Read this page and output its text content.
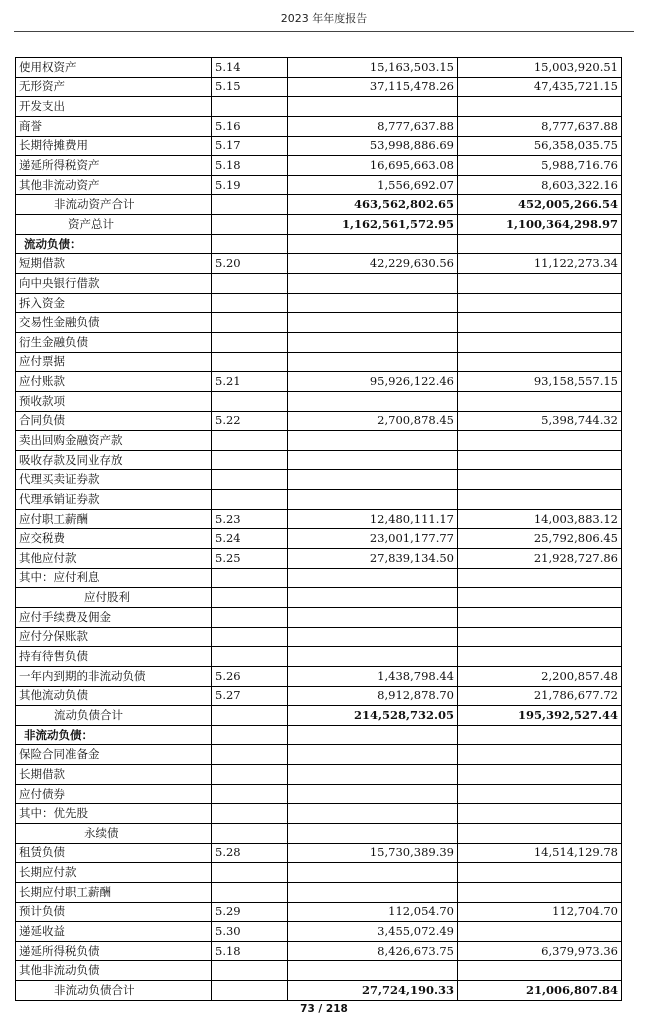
2023 年年度报告
使用权资产	5.14	15,163,503.15	15,003,920.51
无形资产	5.15	37,115,478.26	47,435,721.15
开发支出			
商誉	5.16	8,777,637.88	8,777,637.88
长期待摊费用	5.17	53,998,886.69	56,358,035.75
递延所得税资产	5.18	16,695,663.08	5,988,716.76
其他非流动资产	5.19	1,556,692.07	8,603,322.16
非流动资产合计		463,562,802.65	452,005,266.54
资产总计		1,162,561,572.95	1,100,364,298.97
流动负债：			
短期借款	5.20	42,229,630.56	11,122,273.34
向中央银行借款			
拆入资金			
交易性金融负债			
衍生金融负债			
应付票据			
应付账款	5.21	95,926,122.46	93,158,557.15
预收款项			
合同负债	5.22	2,700,878.45	5,398,744.32
卖出回购金融资产款			
吸收存款及同业存放			
代理买卖证券款			
代理承销证券款			
应付职工薪酬	5.23	12,480,111.17	14,003,883.12
应交税费	5.24	23,001,177.77	25,792,806.45
其他应付款	5.25	27,839,134.50	21,928,727.86
其中：应付利息			
应付股利			
应付手续费及佣金			
应付分保账款			
持有待售负债			
一年内到期的非流动负债	5.26	1,438,798.44	2,200,857.48
其他流动负债	5.27	8,912,878.70	21,786,677.72
流动负债合计		214,528,732.05	195,392,527.44
非流动负债：			
保险合同准备金			
长期借款			
应付债券			
其中：优先股			
永续债			
租赁负债	5.28	15,730,389.39	14,514,129.78
长期应付款			
长期应付职工薪酬			
预计负债	5.29	112,054.70	112,704.70
递延收益	5.30	3,455,072.49	
递延所得税负债	5.18	8,426,673.75	6,379,973.36
其他非流动负债			
非流动负债合计		27,724,190.33	21,006,807.84
73 / 218
